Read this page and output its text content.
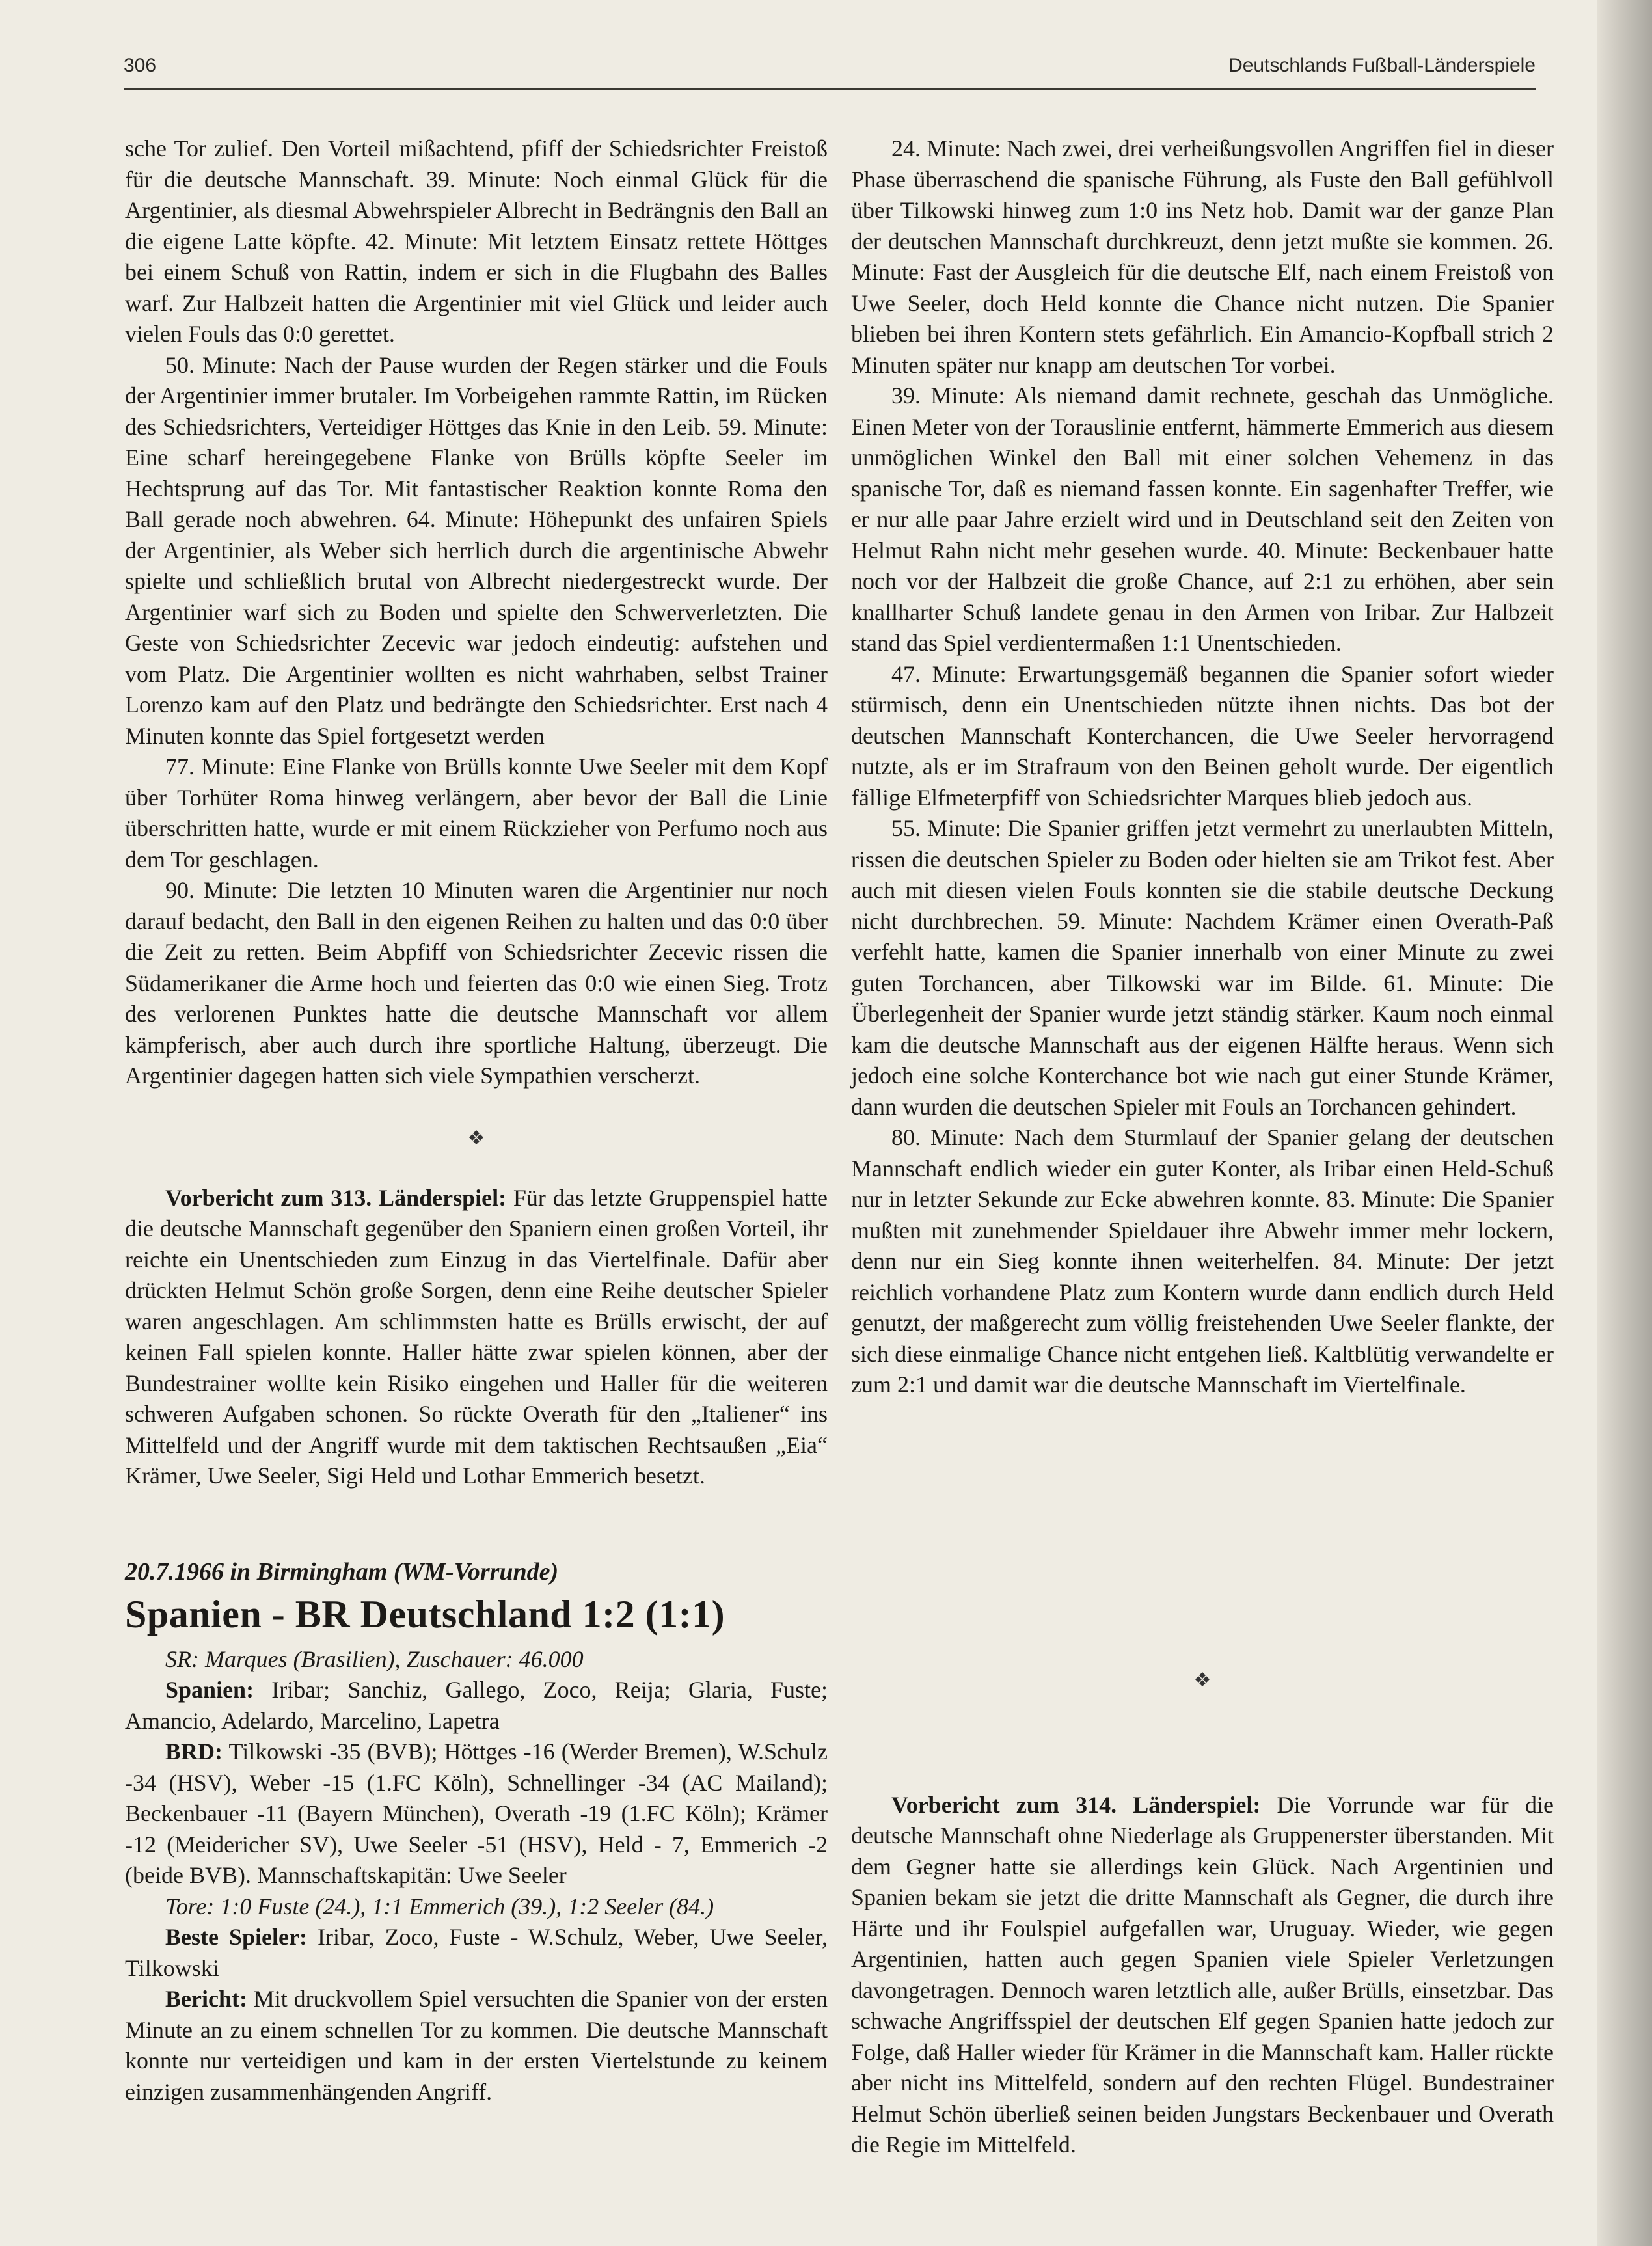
306	Deutschlands Fußball-Länderspiele

sche Tor zulief. Den Vorteil mißachtend, pfiff der Schiedsrichter Freistoß für die deutsche Mannschaft. 39. Minute: Noch einmal Glück für die Argentinier, als diesmal Abwehrspieler Albrecht in Bedrängnis den Ball an die eigene Latte köpfte. 42. Minute: Mit letztem Einsatz rettete Höttges bei einem Schuß von Rattin, indem er sich in die Flugbahn des Balles warf. Zur Halbzeit hatten die Argentinier mit viel Glück und leider auch vielen Fouls das 0:0 gerettet.

50. Minute: Nach der Pause wurden der Regen stärker und die Fouls der Argentinier immer brutaler. Im Vorbeigehen rammte Rattin, im Rücken des Schiedsrichters, Verteidiger Höttges das Knie in den Leib. 59. Minute: Eine scharf hereingegebene Flanke von Brülls köpfte Seeler im Hechtsprung auf das Tor. Mit fantastischer Reaktion konnte Roma den Ball gerade noch abwehren. 64. Minute: Höhepunkt des unfairen Spiels der Argentinier, als Weber sich herrlich durch die argentinische Abwehr spielte und schließlich brutal von Albrecht niedergestreckt wurde. Der Argentinier warf sich zu Boden und spielte den Schwerverletzten. Die Geste von Schiedsrichter Zecevic war jedoch eindeutig: aufstehen und vom Platz. Die Argentinier wollten es nicht wahrhaben, selbst Trainer Lorenzo kam auf den Platz und bedrängte den Schiedsrichter. Erst nach 4 Minuten konnte das Spiel fortgesetzt werden

77. Minute: Eine Flanke von Brülls konnte Uwe Seeler mit dem Kopf über Torhüter Roma hinweg verlängern, aber bevor der Ball die Linie überschritten hatte, wurde er mit einem Rückzieher von Perfumo noch aus dem Tor geschlagen.

90. Minute: Die letzten 10 Minuten waren die Argentinier nur noch darauf bedacht, den Ball in den eigenen Reihen zu halten und das 0:0 über die Zeit zu retten. Beim Abpfiff von Schiedsrichter Zecevic rissen die Südamerikaner die Arme hoch und feierten das 0:0 wie einen Sieg. Trotz des verlorenen Punktes hatte die deutsche Mannschaft vor allem kämpferisch, aber auch durch ihre sportliche Haltung, überzeugt. Die Argentinier dagegen hatten sich viele Sympathien verscherzt.

❖

Vorbericht zum 313. Länderspiel: Für das letzte Gruppenspiel hatte die deutsche Mannschaft gegenüber den Spaniern einen großen Vorteil, ihr reichte ein Unentschieden zum Einzug in das Viertelfinale. Dafür aber drückten Helmut Schön große Sorgen, denn eine Reihe deutscher Spieler waren angeschlagen. Am schlimmsten hatte es Brülls erwischt, der auf keinen Fall spielen konnte. Haller hätte zwar spielen können, aber der Bundestrainer wollte kein Risiko eingehen und Haller für die weiteren schweren Aufgaben schonen. So rückte Overath für den „Italiener“ ins Mittelfeld und der Angriff wurde mit dem taktischen Rechtsaußen „Eia“ Krämer, Uwe Seeler, Sigi Held und Lothar Emmerich besetzt.

20.7.1966 in Birmingham (WM-Vorrunde)
Spanien - BR Deutschland 1:2 (1:1)

SR: Marques (Brasilien), Zuschauer: 46.000

Spanien: Iribar; Sanchiz, Gallego, Zoco, Reija; Glaria, Fuste; Amancio, Adelardo, Marcelino, Lapetra

BRD: Tilkowski -35 (BVB); Höttges -16 (Werder Bremen), W.Schulz -34 (HSV), Weber -15 (1.FC Köln), Schnellinger -34 (AC Mailand); Beckenbauer -11 (Bayern München), Overath -19 (1.FC Köln); Krämer -12 (Meidericher SV), Uwe Seeler -51 (HSV), Held - 7, Emmerich -2 (beide BVB). Mannschaftskapitän: Uwe Seeler

Tore: 1:0 Fuste (24.), 1:1 Emmerich (39.), 1:2 Seeler (84.)

Beste Spieler: Iribar, Zoco, Fuste - W.Schulz, Weber, Uwe Seeler, Tilkowski

Bericht: Mit druckvollem Spiel versuchten die Spanier von der ersten Minute an zu einem schnellen Tor zu kommen. Die deutsche Mannschaft konnte nur verteidigen und kam in der ersten Viertelstunde zu keinem einzigen zusammenhängenden Angriff.

24. Minute: Nach zwei, drei verheißungsvollen Angriffen fiel in dieser Phase überraschend die spanische Führung, als Fuste den Ball gefühlvoll über Tilkowski hinweg zum 1:0 ins Netz hob. Damit war der ganze Plan der deutschen Mannschaft durchkreuzt, denn jetzt mußte sie kommen. 26. Minute: Fast der Ausgleich für die deutsche Elf, nach einem Freistoß von Uwe Seeler, doch Held konnte die Chance nicht nutzen. Die Spanier blieben bei ihren Kontern stets gefährlich. Ein Amancio-Kopfball strich 2 Minuten später nur knapp am deutschen Tor vorbei.

39. Minute: Als niemand damit rechnete, geschah das Unmögliche. Einen Meter von der Torauslinie entfernt, hämmerte Emmerich aus diesem unmöglichen Winkel den Ball mit einer solchen Vehemenz in das spanische Tor, daß es niemand fassen konnte. Ein sagenhafter Treffer, wie er nur alle paar Jahre erzielt wird und in Deutschland seit den Zeiten von Helmut Rahn nicht mehr gesehen wurde. 40. Minute: Beckenbauer hatte noch vor der Halbzeit die große Chance, auf 2:1 zu erhöhen, aber sein knallharter Schuß landete genau in den Armen von Iribar. Zur Halbzeit stand das Spiel verdientermaßen 1:1 Unentschieden.

47. Minute: Erwartungsgemäß begannen die Spanier sofort wieder stürmisch, denn ein Unentschieden nützte ihnen nichts. Das bot der deutschen Mannschaft Konterchancen, die Uwe Seeler hervorragend nutzte, als er im Strafraum von den Beinen geholt wurde. Der eigentlich fällige Elfmeterpfiff von Schiedsrichter Marques blieb jedoch aus.

55. Minute: Die Spanier griffen jetzt vermehrt zu unerlaubten Mitteln, rissen die deutschen Spieler zu Boden oder hielten sie am Trikot fest. Aber auch mit diesen vielen Fouls konnten sie die stabile deutsche Deckung nicht durchbrechen. 59. Minute: Nachdem Krämer einen Overath-Paß verfehlt hatte, kamen die Spanier innerhalb von einer Minute zu zwei guten Torchancen, aber Tilkowski war im Bilde. 61. Minute: Die Überlegenheit der Spanier wurde jetzt ständig stärker. Kaum noch einmal kam die deutsche Mannschaft aus der eigenen Hälfte heraus. Wenn sich jedoch eine solche Konterchance bot wie nach gut einer Stunde Krämer, dann wurden die deutschen Spieler mit Fouls an Torchancen gehindert.

80. Minute: Nach dem Sturmlauf der Spanier gelang der deutschen Mannschaft endlich wieder ein guter Konter, als Iribar einen Held-Schuß nur in letzter Sekunde zur Ecke abwehren konnte. 83. Minute: Die Spanier mußten mit zunehmender Spieldauer ihre Abwehr immer mehr lockern, denn nur ein Sieg konnte ihnen weiterhelfen. 84. Minute: Der jetzt reichlich vorhandene Platz zum Kontern wurde dann endlich durch Held genutzt, der maßgerecht zum völlig freistehenden Uwe Seeler flankte, der sich diese einmalige Chance nicht entgehen ließ. Kaltblütig verwandelte er zum 2:1 und damit war die deutsche Mannschaft im Viertelfinale.

❖

Vorbericht zum 314. Länderspiel: Die Vorrunde war für die deutsche Mannschaft ohne Niederlage als Gruppenerster überstanden. Mit dem Gegner hatte sie allerdings kein Glück. Nach Argentinien und Spanien bekam sie jetzt die dritte Mannschaft als Gegner, die durch ihre Härte und ihr Foulspiel aufgefallen war, Uruguay. Wieder, wie gegen Argentinien, hatten auch gegen Spanien viele Spieler Verletzungen davongetragen. Dennoch waren letztlich alle, außer Brülls, einsetzbar. Das schwache Angriffsspiel der deutschen Elf gegen Spanien hatte jedoch zur Folge, daß Haller wieder für Krämer in die Mannschaft kam. Haller rückte aber nicht ins Mittelfeld, sondern auf den rechten Flügel. Bundestrainer Helmut Schön überließ seinen beiden Jungstars Beckenbauer und Overath die Regie im Mittelfeld.
